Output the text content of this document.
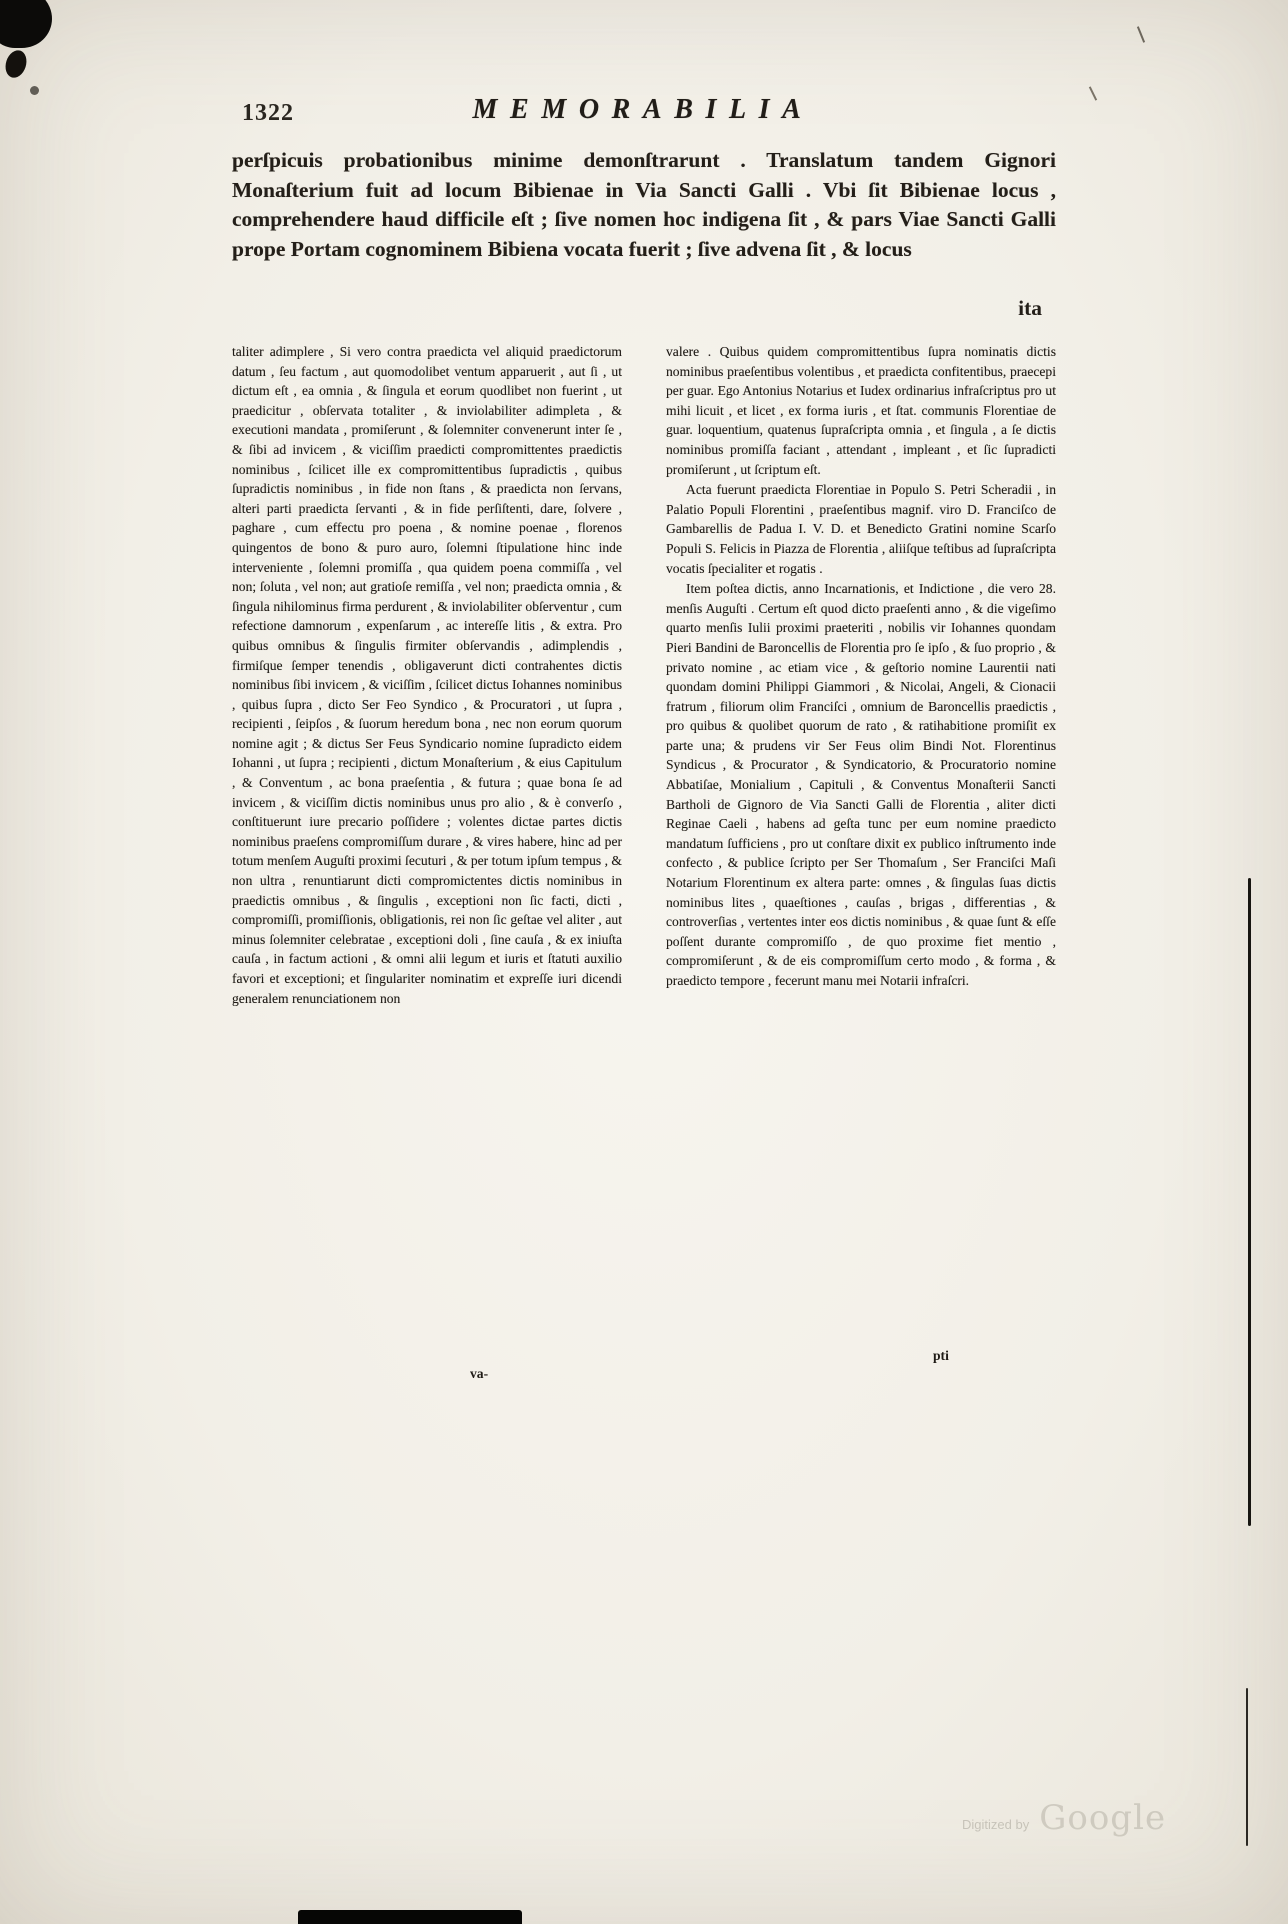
1322	MEMORABILIA
perſpicuis probationibus minime demonſtrarunt . Translatum tandem Gignori Monaſterium fuit ad locum Bibienae in Via Sancti Galli . Vbi ſit Bibienae locus , comprehendere haud difficile eſt ; ſive nomen hoc indigena ſit , & pars Viae Sancti Galli prope Portam cognominem Bibiena vocata fuerit ; ſive advena ſit , & locus
ita

taliter adimplere , Si vero contra praedicta vel aliquid praedictorum datum , ſeu factum , aut quomodolibet ventum apparuerit , aut ſi , ut dictum eſt , ea omnia , & ſingula et eorum quodlibet non fuerint , ut praedicitur , obſervata totaliter , & inviolabiliter adimpleta , & executioni mandata , promiſerunt , & ſolemniter convenerunt inter ſe , & ſibi ad invicem , & viciſſim praedicti compromittentes praedictis nominibus , ſcilicet ille ex compromittentibus ſupradictis , quibus ſupradictis nominibus , in fide non ſtans , & praedicta non ſervans, alteri parti praedicta ſervanti , & in fide perſiſtenti, dare, ſolvere , paghare , cum effectu pro poena , & nomine poenae , florenos quingentos de bono & puro auro, ſolemni ſtipulatione hinc inde interveniente , ſolemni promiſſa , qua quidem poena commiſſa , vel non; ſoluta , vel non; aut gratioſe remiſſa , vel non; praedicta omnia , & ſingula nihilominus firma perdurent , & inviolabiliter obſerventur , cum refectione damnorum , expenſarum , ac intereſſe litis , & extra. Pro quibus omnibus & ſingulis firmiter obſervandis , adimplendis , firmiſque ſemper tenendis , obligaverunt dicti contrahentes dictis nominibus ſibi invicem , & viciſſim , ſcilicet dictus Iohannes nominibus , quibus ſupra , dicto Ser Feo Syndico , & Procuratori , ut ſupra , recipienti , ſeipſos , & ſuorum heredum bona , nec non eorum quorum nomine agit ; & dictus Ser Feus Syndicario nomine ſupradicto eidem Iohanni , ut ſupra ; recipienti , dictum Monaſterium , & eius Capitulum , & Conventum , ac bona praeſentia , & futura ; quae bona ſe ad invicem , & viciſſim dictis nominibus unus pro alio , & è converſo , conſtituerunt iure precario poſſidere ; volentes dictae partes dictis nominibus praeſens compromiſſum durare , & vires habere, hinc ad per totum menſem Auguſti proximi ſecuturi , & per totum ipſum tempus , & non ultra , renuntiarunt dicti compromictentes dictis nominibus in praedictis omnibus , & ſingulis , exceptioni non ſic facti, dicti , compromiſſi, promiſſionis, obligationis, rei non ſic geſtae vel aliter , aut minus ſolemniter celebratae , exceptioni doli , ſine cauſa , & ex iniuſta cauſa , in factum actioni , & omni alii legum et iuris et ſtatuti auxilio favori et exceptioni; et ſingulariter nominatim et expreſſe iuri dicendi generalem renunciationem non

valere . Quibus quidem compromittentibus ſupra nominatis dictis nominibus praeſentibus volentibus , et praedicta confitentibus, praecepi per guar. Ego Antonius Notarius et Iudex ordinarius infraſcriptus pro ut mihi licuit , et licet , ex forma iuris , et ſtat. communis Florentiae de guar. loquentium, quatenus ſupraſcripta omnia , et ſingula , a ſe dictis nominibus promiſſa faciant , attendant , impleant , et ſic ſupradicti promiſerunt , ut ſcriptum eſt.

Acta fuerunt praedicta Florentiae in Populo S. Petri Scheradii , in Palatio Populi Florentini , praeſentibus magnif. viro D. Franciſco de Gambarellis de Padua I. V. D. et Benedicto Gratini nomine Scarſo Populi S. Felicis in Piazza de Florentia , aliiſque teſtibus ad ſupraſcripta vocatis ſpecialiter et rogatis .

Item poſtea dictis, anno Incarnationis, et Indictione , die vero 28. menſis Auguſti . Certum eſt quod dicto praeſenti anno , & die vigeſimo quarto menſis Iulii proximi praeteriti , nobilis vir Iohannes quondam Pieri Bandini de Baroncellis de Florentia pro ſe ipſo , & ſuo proprio , & privato nomine , ac etiam vice , & geſtorio nomine Laurentii nati quondam domini Philippi Giammori , & Nicolai, Angeli, & Cionacii fratrum , filiorum olim Franciſci , omnium de Baroncellis praedictis , pro quibus & quolibet quorum de rato , & ratihabitione promiſit ex parte una; & prudens vir Ser Feus olim Bindi Not. Florentinus Syndicus , & Procurator , & Syndicatorio, & Procuratorio nomine Abbatiſae, Monialium , Capituli , & Conventus Monaſterii Sancti Bartholi de Gignoro de Via Sancti Galli de Florentia , aliter dicti Reginae Caeli , habens ad geſta tunc per eum nomine praedicto mandatum ſufficiens , pro ut conſtare dixit ex publico inſtrumento inde confecto , & publice ſcripto per Ser Thomaſum , Ser Franciſci Maſi Notarium Florentinum ex altera parte: omnes , & ſingulas ſuas dictis nominibus lites , quaeſtiones , cauſas , brigas , differentias , & controverſias , vertentes inter eos dictis nominibus , & quae ſunt & eſſe poſſent durante compromiſſo , de quo proxime fiet mentio , compromiſerunt , & de eis compromiſſum certo modo , & forma , & praedicto tempore , fecerunt manu mei Notarii infraſcri.

va-
pti
Digitized by Google
